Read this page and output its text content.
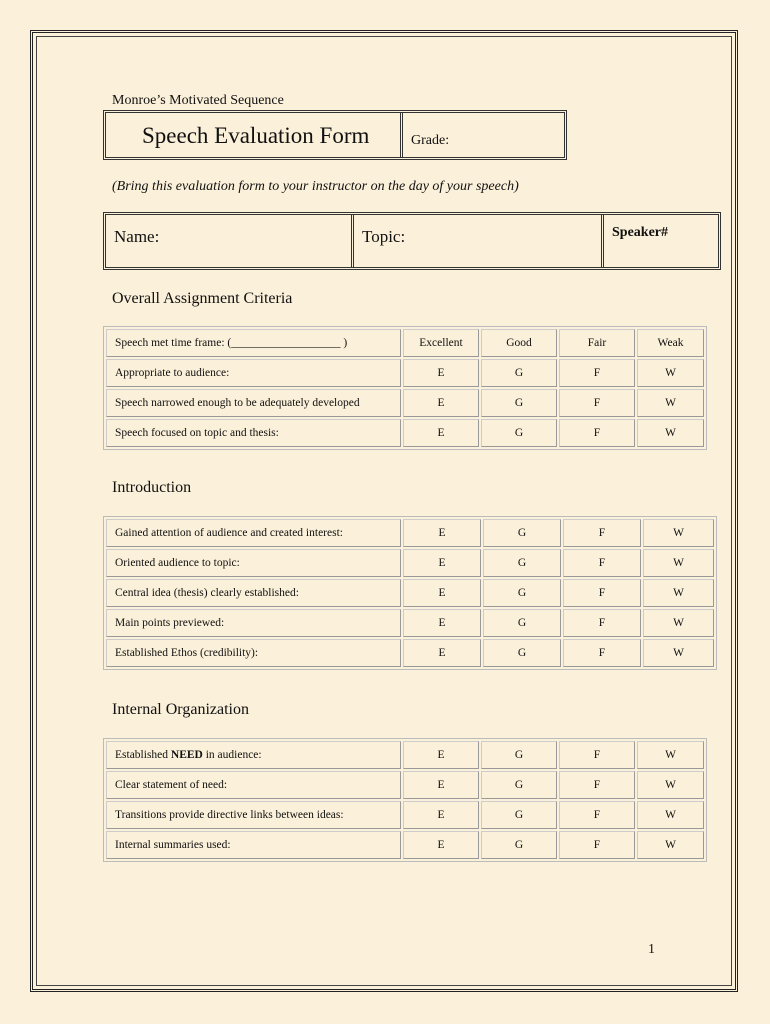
Monroe’s Motivated Sequence
Speech Evaluation Form	Grade:
(Bring this evaluation form to your instructor on the day of your speech)
Name:	Topic:	Speaker#
Overall Assignment Criteria
Speech met time frame: (___________________ )	Excellent	Good	Fair	Weak
Appropriate to audience:	E	G	F	W
Speech narrowed enough to be adequately developed	E	G	F	W
Speech focused on topic and thesis:	E	G	F	W
Introduction
Gained attention of audience and created interest:	E	G	F	W
Oriented audience to topic:	E	G	F	W
Central idea (thesis) clearly established:	E	G	F	W
Main points previewed:	E	G	F	W
Established Ethos (credibility):	E	G	F	W
Internal Organization
Established NEED in audience:	E	G	F	W
Clear statement of need:	E	G	F	W
Transitions provide directive links between ideas:	E	G	F	W
Internal summaries used:	E	G	F	W
1
